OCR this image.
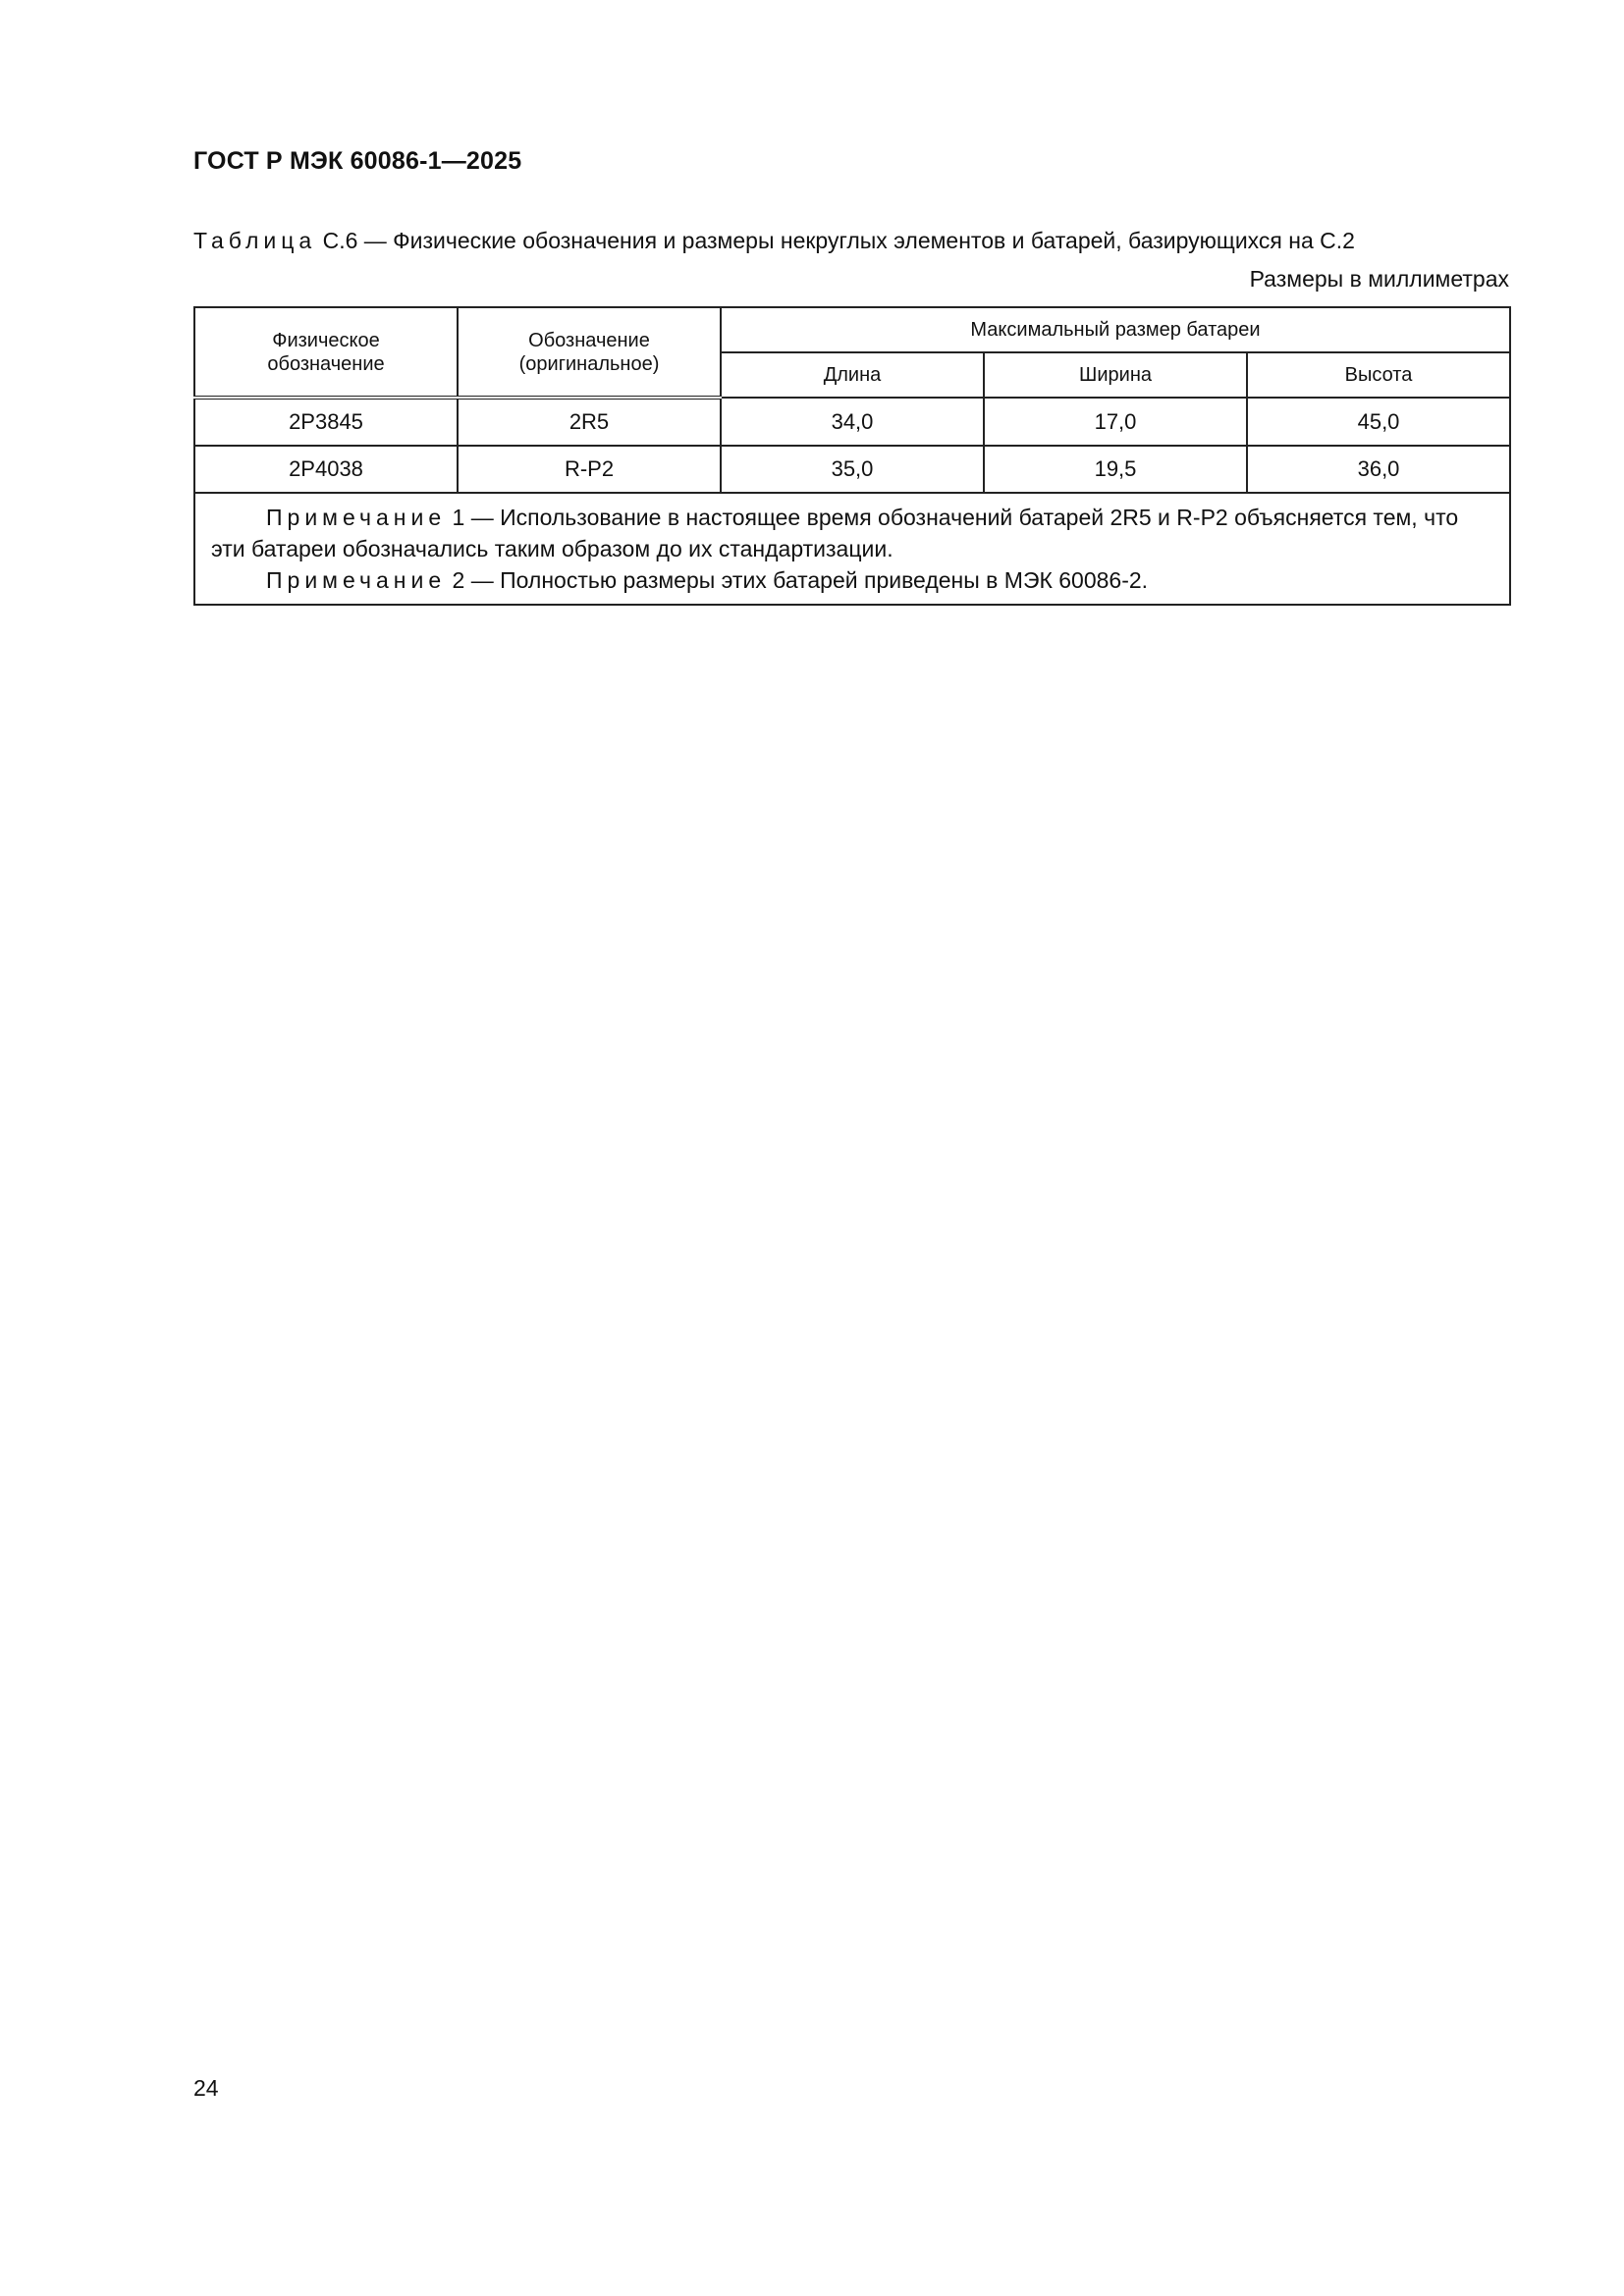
ГОСТ Р МЭК 60086-1—2025
Таблица С.6 — Физические обозначения и размеры некруглых элементов и батарей, базирующихся на С.2
Размеры в миллиметрах
Физическое обозначение	Обозначение (оригинальное)	Максимальный размер батареи		
		Длина	Ширина	Высота
2P3845	2R5	34,0	17,0	45,0
2P4038	R-P2	35,0	19,5	36,0

Примечание 1 — Использование в настоящее время обозначений батарей 2R5 и R-P2 объясняется тем, что эти батареи обозначались таким образом до их стандартизации.
Примечание 2 — Полностью размеры этих батарей приведены в МЭК 60086-2.				
24
